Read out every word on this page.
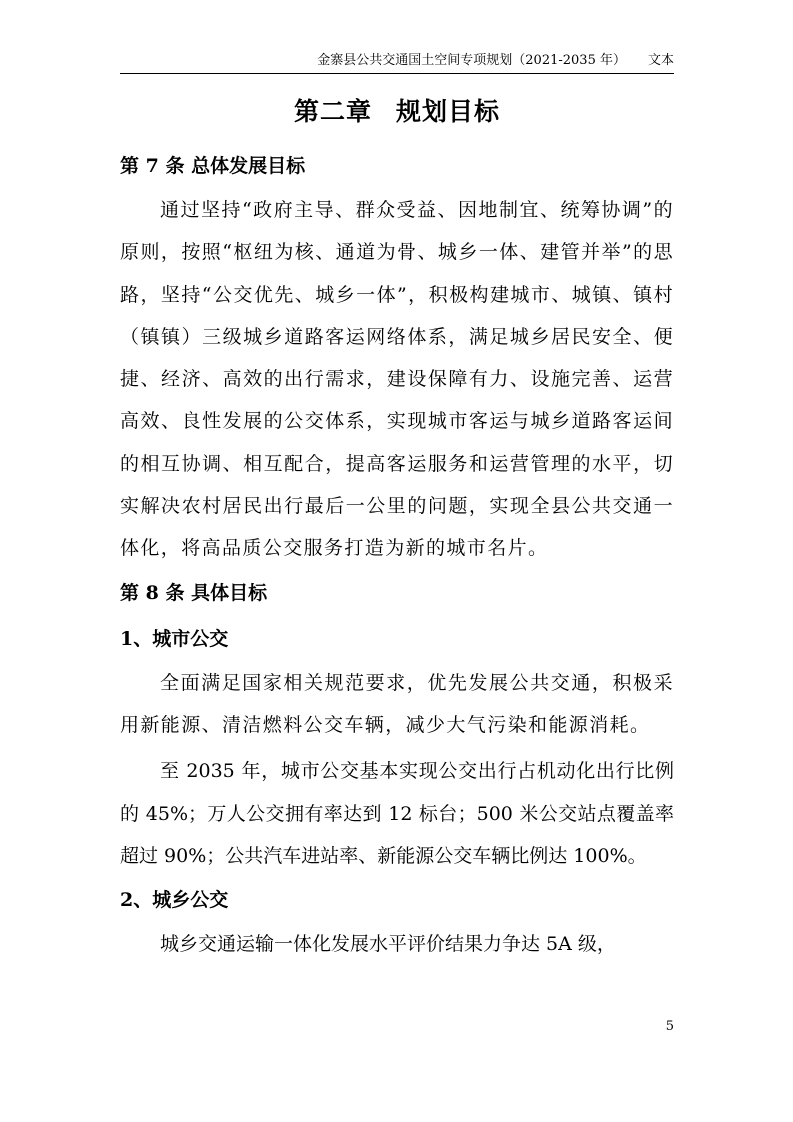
金寨县公共交通国土空间专项规划（2021-2035 年） 文本
第二章 规划目标

第 7 条 总体发展目标

通过坚持“政府主导、群众受益、因地制宜、统筹协调”的原则，按照“枢纽为核、通道为骨、城乡一体、建管并举”的思路，坚持“公交优先、城乡一体”，积极构建城市、城镇、镇村（镇镇）三级城乡道路客运网络体系，满足城乡居民安全、便捷、经济、高效的出行需求，建设保障有力、设施完善、运营高效、良性发展的公交体系，实现城市客运与城乡道路客运间的相互协调、相互配合，提高客运服务和运营管理的水平，切实解决农村居民出行最后一公里的问题，实现全县公共交通一体化，将高品质公交服务打造为新的城市名片。

第 8 条 具体目标

1、城市公交

全面满足国家相关规范要求，优先发展公共交通，积极采用新能源、清洁燃料公交车辆，减少大气污染和能源消耗。

至 2035 年，城市公交基本实现公交出行占机动化出行比例的 45%；万人公交拥有率达到 12 标台；500 米公交站点覆盖率超过 90%；公共汽车进站率、新能源公交车辆比例达 100%。

2、城乡公交

城乡交通运输一体化发展水平评价结果力争达 5A 级，

5
